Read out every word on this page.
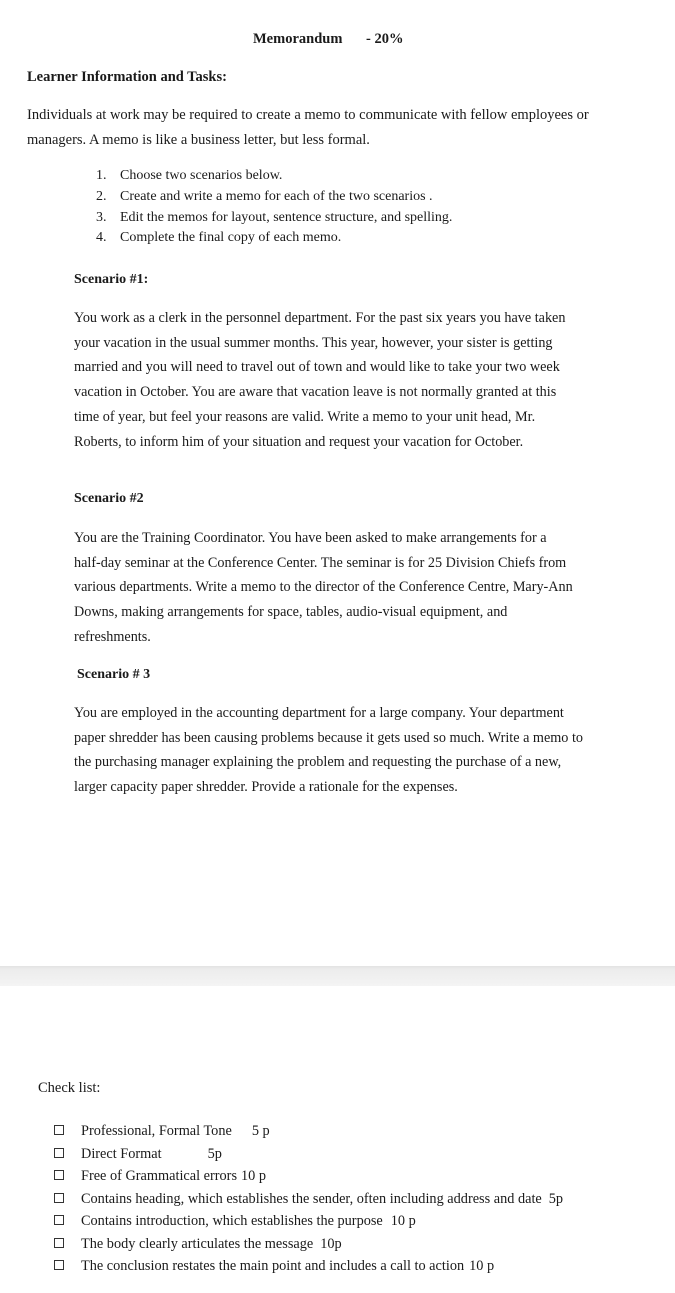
Memorandum - 20%
Learner Information and Tasks:
Individuals at work may be required to create a memo to communicate with fellow employees or
managers. A memo is like a business letter, but less formal.
1. Choose two scenarios below.
2. Create and write a memo for each of the two scenarios .
3. Edit the memos for layout, sentence structure, and spelling.
4. Complete the final copy of each memo.
Scenario #1:
You work as a clerk in the personnel department. For the past six years you have taken
your vacation in the usual summer months. This year, however, your sister is getting
married and you will need to travel out of town and would like to take your two week
vacation in October. You are aware that vacation leave is not normally granted at this
time of year, but feel your reasons are valid. Write a memo to your unit head, Mr.
Roberts, to inform him of your situation and request your vacation for October.
Scenario #2
You are the Training Coordinator. You have been asked to make arrangements for a
half-day seminar at the Conference Center. The seminar is for 25 Division Chiefs from
various departments. Write a memo to the director of the Conference Centre, Mary-Ann
Downs, making arrangements for space, tables, audio-visual equipment, and
refreshments.
Scenario # 3
You are employed in the accounting department for a large company. Your department
paper shredder has been causing problems because it gets used so much. Write a memo to
the purchasing manager explaining the problem and requesting the purchase of a new,
larger capacity paper shredder. Provide a rationale for the expenses.
Check list:
Professional, Formal Tone 5 p
Direct Format	5p
Free of Grammatical errors 10 p
Contains heading, which establishes the sender, often including address and date 5p
Contains introduction, which establishes the purpose 10 p
The body clearly articulates the message 10p
The conclusion restates the main point and includes a call to action 10 p
